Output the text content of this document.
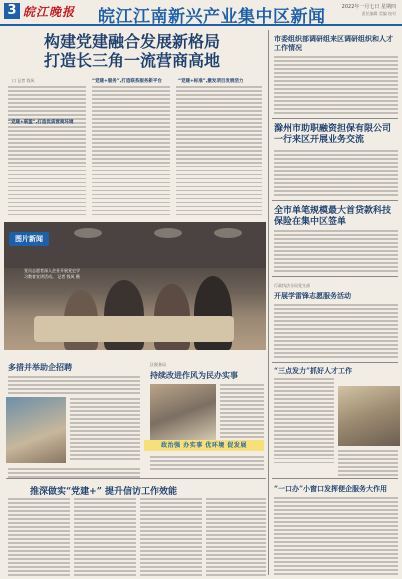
3 皖江晚报 皖江江南新兴产业集中区新闻	2022年一月七日 星期四
责任编辑 美编 校对
构建党建融合发展新格局
打造长三角一流营商高地
口 记者 钱风
“党建+联盟”,打造优质营商环境
“党建+服务”,打造联系服务新平台	“党建+标准”,激发项目发展活力
市委组织部调研组来区调研组织和人才工作情况
滁州市助职融资担保有限公司一行来区开展业务交流
全市单笔规模最大首贷款科技保险在集中区签单
行政执法分局党支部
开展学雷锋志愿服务活动
“三点发力”抓好人才工作
“一口办”小窗口发挥便企服务大作用
图片新闻
党员志愿者深入企业开展党史学习教育宣讲活动。 记者 钱风 摄
多措并举助企招聘	区税务局
持续改进作风为民办实事
政治强 办实事 优环境 促发展
推深做实“党建+” 提升信访工作效能
